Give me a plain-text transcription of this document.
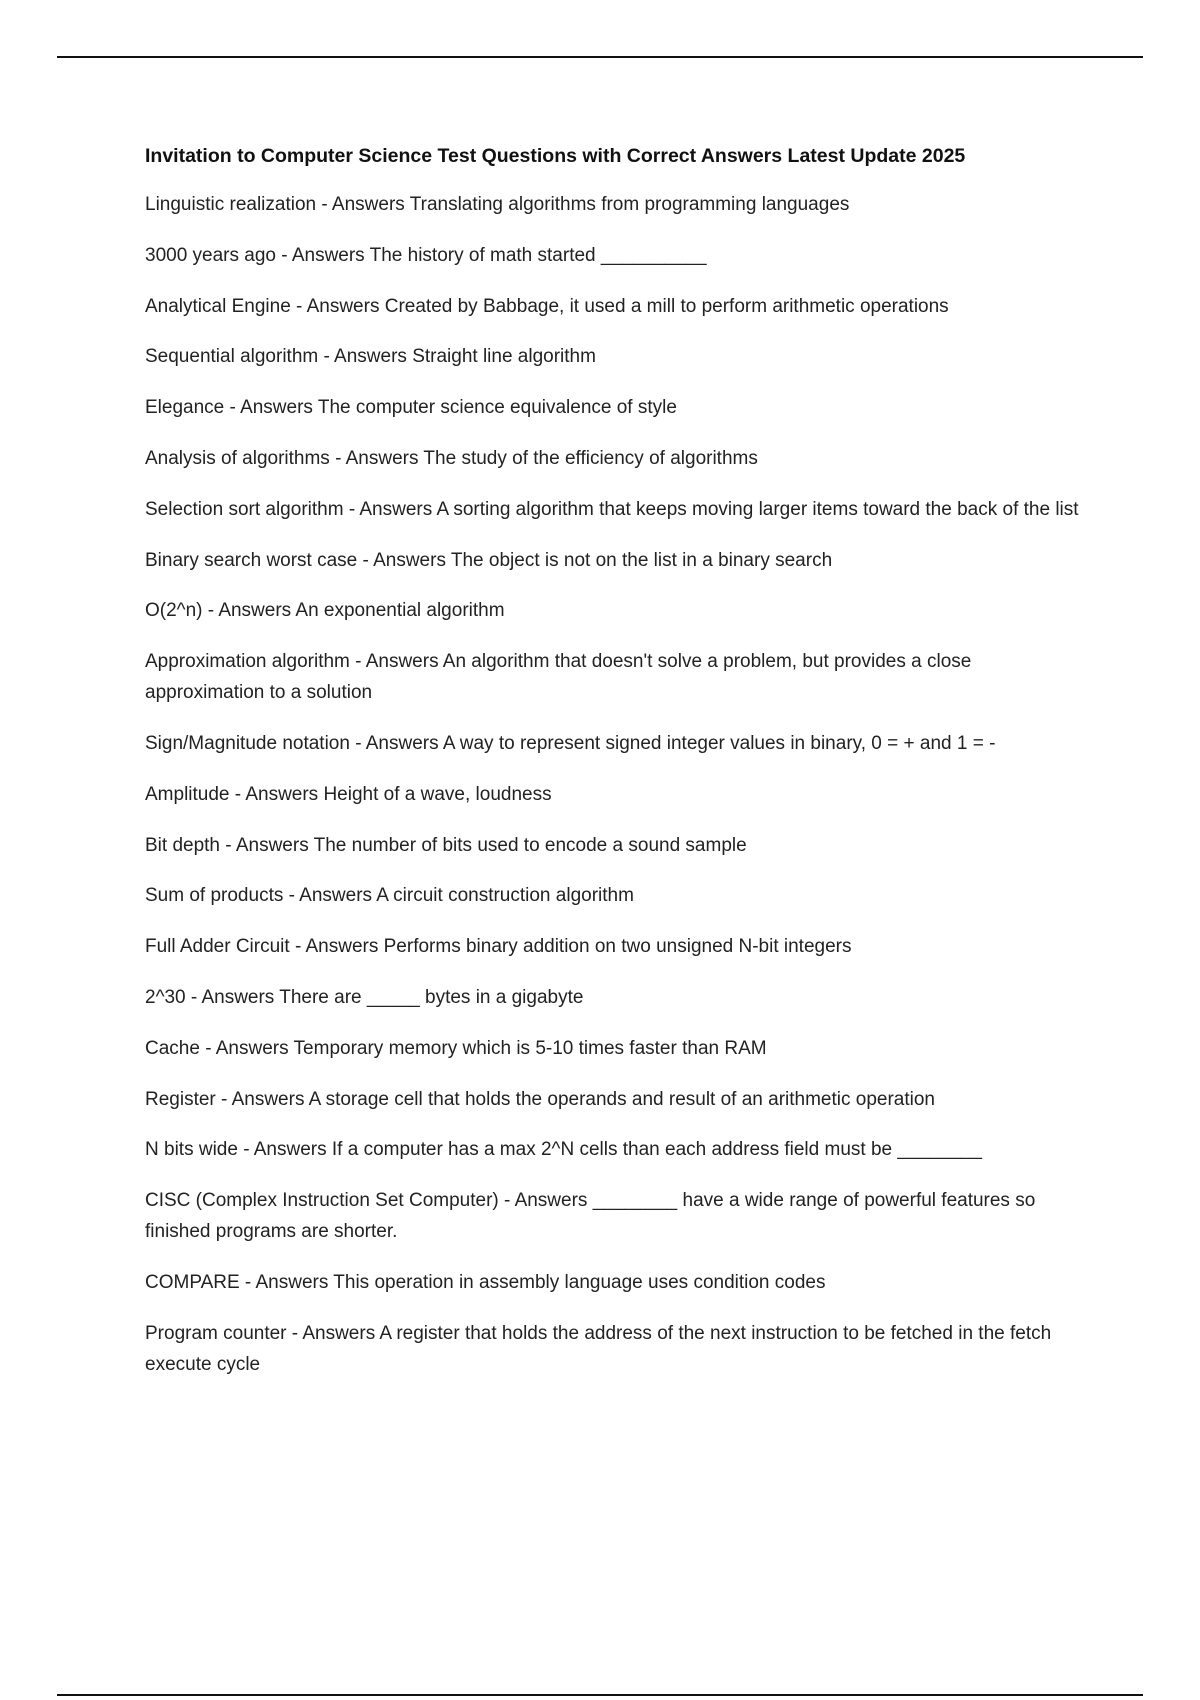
Invitation to Computer Science Test Questions with Correct Answers Latest Update 2025
Linguistic realization - Answers Translating algorithms from programming languages
3000 years ago - Answers The history of math started __________
Analytical Engine - Answers Created by Babbage, it used a mill to perform arithmetic operations
Sequential algorithm - Answers Straight line algorithm
Elegance - Answers The computer science equivalence of style
Analysis of algorithms - Answers The study of the efficiency of algorithms
Selection sort algorithm - Answers A sorting algorithm that keeps moving larger items toward the back of the list
Binary search worst case - Answers The object is not on the list in a binary search
O(2^n) - Answers An exponential algorithm
Approximation algorithm - Answers An algorithm that doesn't solve a problem, but provides a close approximation to a solution
Sign/Magnitude notation - Answers A way to represent signed integer values in binary, 0 = + and 1 = -
Amplitude - Answers Height of a wave, loudness
Bit depth - Answers The number of bits used to encode a sound sample
Sum of products - Answers A circuit construction algorithm
Full Adder Circuit - Answers Performs binary addition on two unsigned N-bit integers
2^30 - Answers There are _____ bytes in a gigabyte
Cache - Answers Temporary memory which is 5-10 times faster than RAM
Register - Answers A storage cell that holds the operands and result of an arithmetic operation
N bits wide - Answers If a computer has a max 2^N cells than each address field must be ________
CISC (Complex Instruction Set Computer) - Answers ________ have a wide range of powerful features so finished programs are shorter.
COMPARE - Answers This operation in assembly language uses condition codes
Program counter - Answers A register that holds the address of the next instruction to be fetched in the fetch execute cycle
